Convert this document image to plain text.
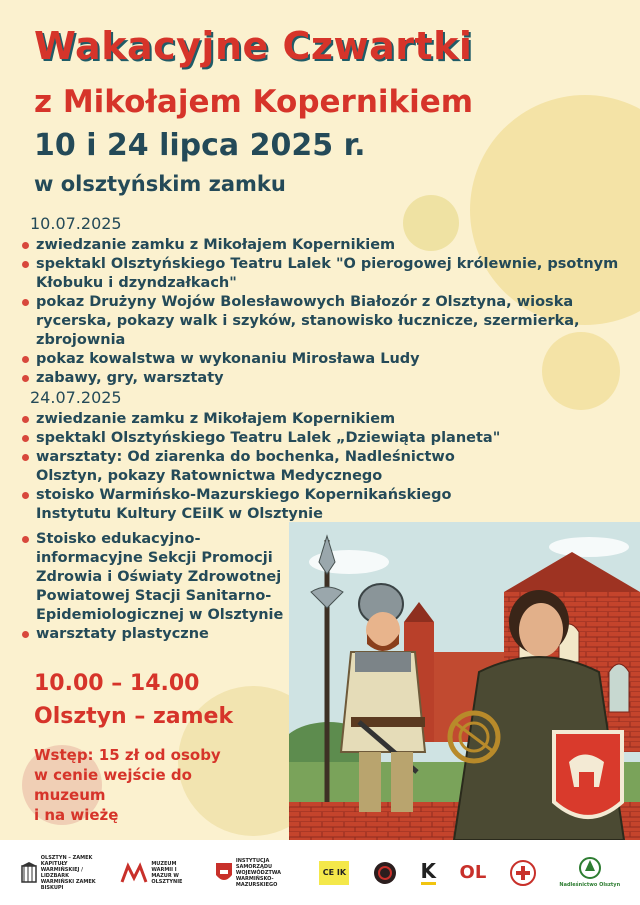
Wakacyjne Czwartki
z Mikołajem Kopernikiem
10 i 24 lipca 2025 r.
w olsztyńskim zamku
10.07.2025
zwiedzanie zamku z Mikołajem Kopernikiem
spektakl Olsztyńskiego Teatru Lalek "O pierogowej królewnie, psotnym Kłobuku i dzyndzałkach"
pokaz Drużyny Wojów Bolesławowych Białozór z Olsztyna, wioska rycerska, pokazy walk i szyków, stanowisko łucznicze, szermierka, zbrojownia
pokaz kowalstwa w wykonaniu Mirosława Ludy
zabawy, gry, warsztaty
24.07.2025
zwiedzanie zamku z Mikołajem Kopernikiem
spektakl Olsztyńskiego Teatru Lalek „Dziewiąta planeta"
warsztaty: Od ziarenka do bochenka, Nadleśnictwo Olsztyn, pokazy Ratownictwa Medycznego
stoisko Warmińsko-Mazurskiego Kopernikańskiego Instytutu Kultury CEiIK w Olsztynie
Stoisko edukacyjno-informacyjne Sekcji Promocji Zdrowia i Oświaty Zdrowotnej Powiatowej Stacji Sanitarno-Epidemiologicznej w Olsztynie
warsztaty plastyczne
10.00 – 14.00
Olsztyn – zamek
Wstęp: 15 zł od osoby
w cenie wejście do muzeum
i na wieżę
OLSZTYN – ZAMEK KAPITUŁY WARMIŃSKIEJ / LIDZBARK WARMIŃSKI ZAMEK BISKUPI
MUZEUM WARMII I MAZUR W OLSZTYNIE
INSTYTUCJA SAMORZĄDU WOJEWÓDZTWA WARMIŃSKO-MAZURSKIEGO
CE IK	K OL
Nadleśnictwo Olsztyn
